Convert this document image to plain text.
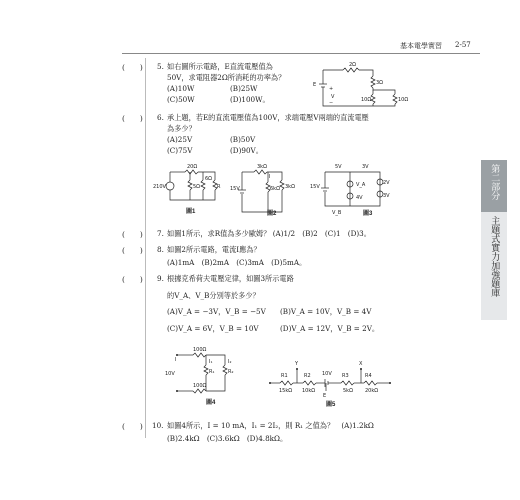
基本電學實習 2-57
第二部分
主題式實力加強題庫
(　　) 5. 如右圖所示電路，E直流電壓值為
50V，求電阻器2Ω所消耗的功率為？
(A)10W	(B)25W
(C)50W	(D)100W。
2Ω
3Ω
E
+
V
−	10Ω	10Ω
(　　) 6. 承上題，若E的直流電壓值為100V，求端電壓V兩端的直流電壓
為多少？
(A)25V	(B)50V
(C)75V	(D)90V。
20Ω
210V	5Ω
6Ω
R
圖1
3kΩ
15V
I
6kΩ 3kΩ
圖2
5V	3V
15V	V_A	2V
4V	3V
V_B	圖3
(　　) 7. 如圖1所示，求R值為多少歐姆？ (A)1/2　(B)2　(C)1　(D)3。
(　　) 8. 如圖2所示電路，電流I應為？
(A)1mA　(B)2mA　(C)3mA　(D)5mA。
(　　) 9. 根據克希荷夫電壓定律，如圖3所示電路
的V_A、V_B分別等於多少？
(A)V_A = −3V，V_B = −5V (B)V_A = 10V，V_B = 4V
(C)V_A = 6V，V_B = 10V	(D)V_A = 12V，V_B = 2V。
100Ω
100Ω
I
10V
I₁	I₂
R₁	R₂
圖4
Y	X
E
10V
R1	R2	R3	R4
15kΩ 10kΩ	5kΩ 20kΩ
圖5
(　　) 10. 如圖4所示，I = 10 mA，I₁ = 2I₂，則 R₁ 之值為？　(A)1.2kΩ
(B)2.4kΩ　(C)3.6kΩ　(D)4.8kΩ。
